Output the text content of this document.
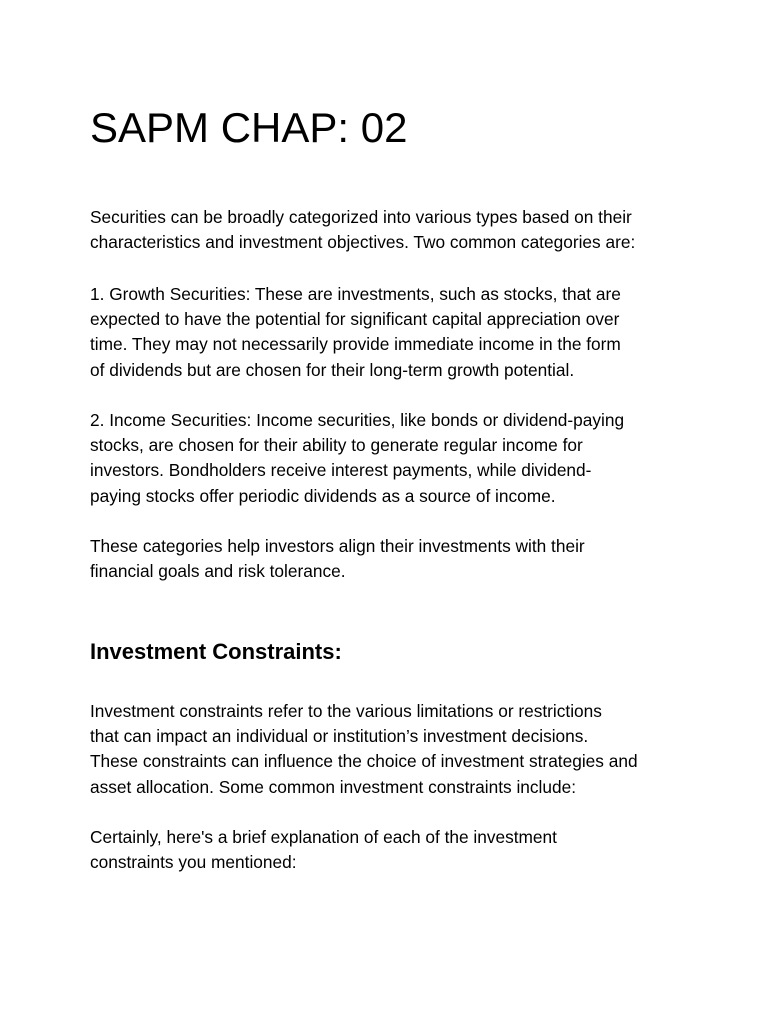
SAPM CHAP: 02

Securities can be broadly categorized into various types based on their
characteristics and investment objectives. Two common categories are:

1. Growth Securities: These are investments, such as stocks, that are
expected to have the potential for significant capital appreciation over
time. They may not necessarily provide immediate income in the form
of dividends but are chosen for their long-term growth potential.

2. Income Securities: Income securities, like bonds or dividend-paying
stocks, are chosen for their ability to generate regular income for
investors. Bondholders receive interest payments, while dividend-
paying stocks offer periodic dividends as a source of income.

These categories help investors align their investments with their
financial goals and risk tolerance.

Investment Constraints:

Investment constraints refer to the various limitations or restrictions
that can impact an individual or institution’s investment decisions.
These constraints can influence the choice of investment strategies and
asset allocation. Some common investment constraints include:

Certainly, here's a brief explanation of each of the investment
constraints you mentioned:
